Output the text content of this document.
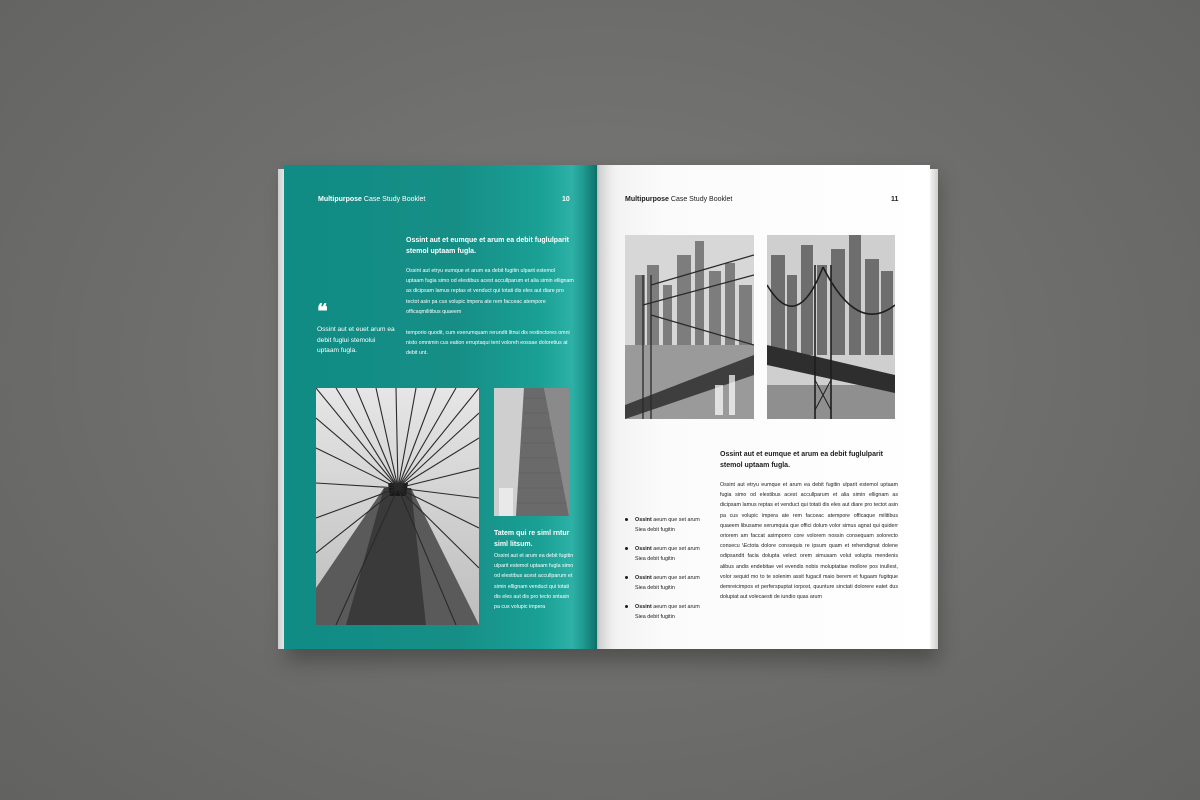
Multipurpose Case Study Booklet	10
Ossint aut et eumque et arum ea debit fuglulparit stemol uptaam fugla.
Ossint aut etryu eumque et arum ea debit fugitin ulparit estemol uptaam fugia simo od elestibus acest accullparum et alia simin ellignam as dicipsam lamus reptas et venduct qui totati dis eles aut diare pro tectot asin pa cus volupic impera ate rem facceac atempore officaqmilitibus quaeem
temporio quodit, cum exerumquam rerundit litnui dis restinctores omni nisto omnimin cus eation erruptaqui tent voloreh eossae doloretius at debit unt.
❝
Ossint aut et euet arum ea debit fuglui stemolui uptaam fugla.
Tatem qui re siml rntur siml litsum.
Ossint aut et arum ea debit fugitin ulparit estemol uptaam fugla simo od elestibus acest accullparum et simin ellignam venduct qui totati dis eles aut dis pro tecto sntasin pa cus volupic impera
Multipurpose Case Study Booklet	11
Ossint aut et eumque et arum ea debit fuglulparit stemol uptaam fugla.
Ossint aut etryu eumque et arum ea debit fugitin ulparit estemol uptaam fugia simo od elestibus acest accullparum et alia simin ellignam as dicipsam lamus reptas et venduct qui totati dis eles aut diare pro tectot asin pa cus volupic impera ate rem facceac atempore officaque militibus quaeem libusame xerumquia que offici dolum volor simus agnat qui quiderr oriorem am faccat asimporro core volorem nossin consequam solorecto consecu \Ectota dolore consequis re ipsum quam et rehendignat dolene odipsandit facia dolupta velect orem simusam volut volupta mendenis alibus andis endebitae vel evendis nobis moluptatiae mollore pos inullest, volor sequid mo to te solenim assit fugacil maio berem et fugaam fugitque demreicimpos et perferspuptat iorpost, quunture sinctati dolorere eatet dus dolupiat aut volecaesti de iundio quas arum
Ossint aeum que set arum
Siea debit fugitin
Ossint aeum que set arum
Siea debit fugitin
Ossint aeum que set arum
Siea debit fugitin
Ossint aeum que set arum
Siea debit fugitin
